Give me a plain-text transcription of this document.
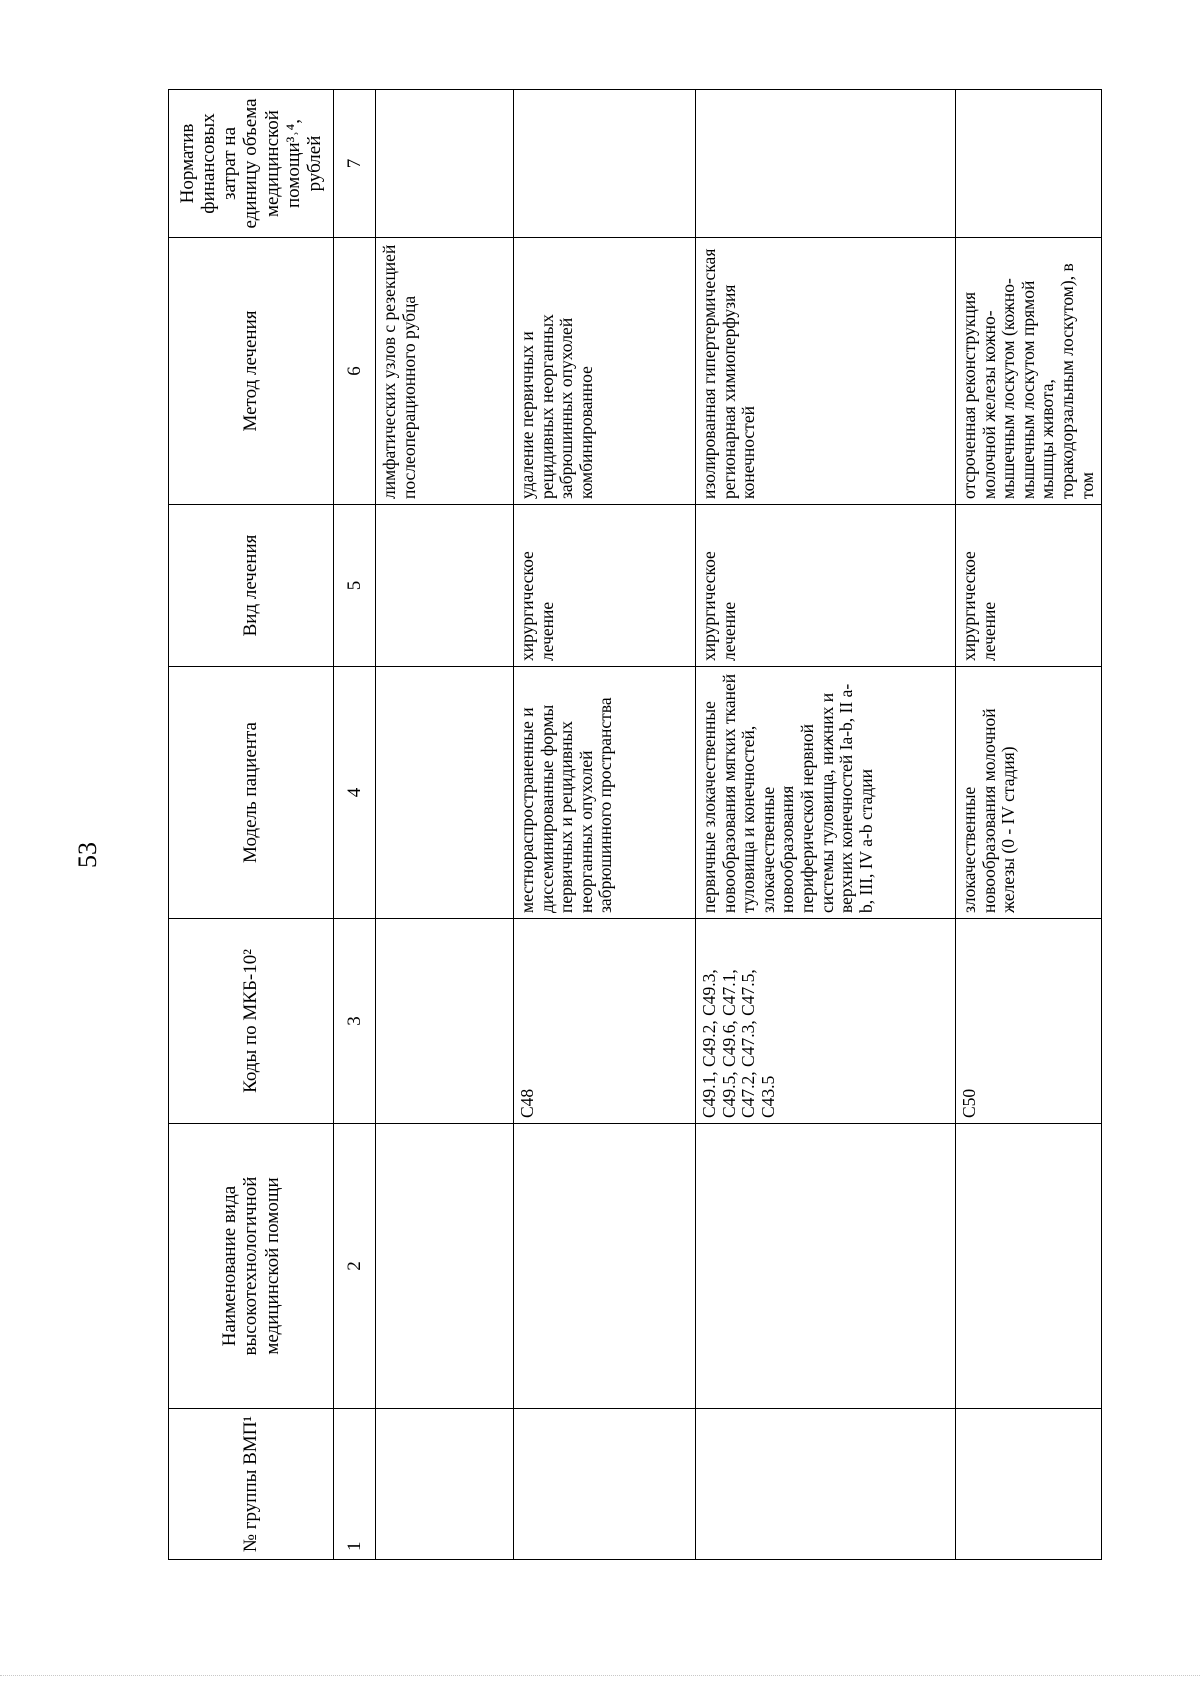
53
№ группы ВМП¹	Наименование вида высокотехнологичной медицинской помощи	Коды по МКБ-10²	Модель пациента	Вид лечения	Метод лечения	Норматив финансовых затрат на единицу объема медицинской помощи³˒⁴, рублей
1	2	3	4	5	6	7
					лимфатических узлов с резекцией послеоперационного рубца	
		C48	местнораспространенные и диссеминированные формы первичных и рецидивных неорганных опухолей забрюшинного пространства	хирургическое лечение	удаление первичных и рецидивных неорганных забрюшинных опухолей комбинированное	
		C49.1, C49.2, C49.3, C49.5, C49.6, C47.1, C47.2, C47.3, C47.5, C43.5	первичные злокачественные новообразования мягких тканей туловища и конечностей, злокачественные новообразования периферической нервной системы туловища, нижних и верхних конечностей Ia-b, II a-b, III, IV a-b стадии	хирургическое лечение	изолированная гипертермическая регионарная химиоперфузия конечностей	
		C50	злокачественные новообразования молочной железы (0 - IV стадия)	хирургическое лечение	отсроченная реконструкция молочной железы кожно-мышечным лоскутом (кожно-мышечным лоскутом прямой мышцы живота, торакодорзальным лоскутом), в том	
